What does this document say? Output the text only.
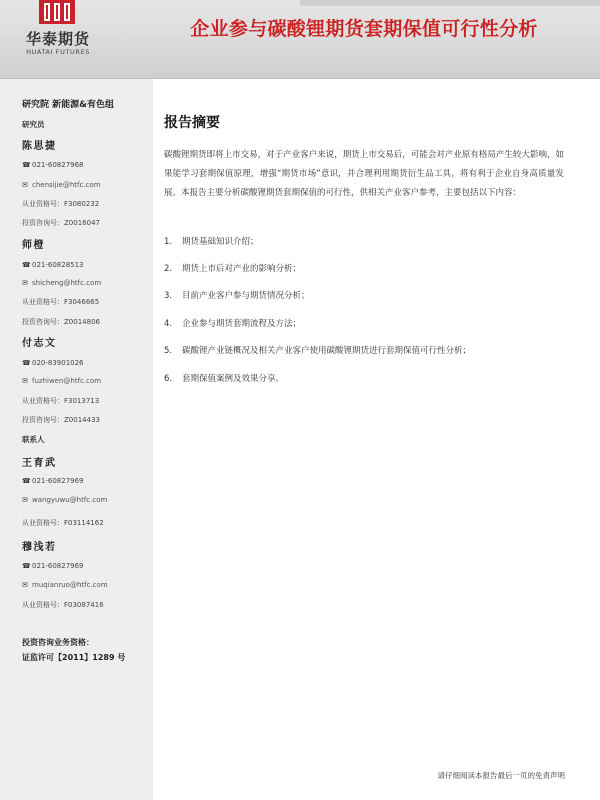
华泰期货
HUATAI FUTURES
企业参与碳酸锂期货套期保值可行性分析
研究院 新能源&有色组
研究员
陈思捷
☎021-60827968
✉ chensijie@htfc.com
从业资格号：F3080232
投资咨询号：Z0016047
师橙
☎021-60828513
✉ shicheng@htfc.com
从业资格号：F3046665
投资咨询号：Z0014806
付志文
☎020-83901026
✉ fuzhiwen@htfc.com
从业资格号：F3013713
投资咨询号：Z0014433
联系人
王育武
☎021-60827969
✉ wangyuwu@htfc.com
从业资格号：F03114162
穆浅若
☎021-60827969
✉ muqianruo@htfc.com
从业资格号：F03087416
投资咨询业务资格：
证监许可【2011】1289 号
报告摘要
碳酸锂期货即将上市交易，对于产业客户来说，期货上市交易后，可能会对产业原有格局产生较大影响，如果能学习套期保值原理，增强“期货市场”意识，并合理利用期货衍生品工具，将有利于企业自身高质量发展。本报告主要分析碳酸锂期货套期保值的可行性，供相关产业客户参考，主要包括以下内容：
1. 期货基础知识介绍；
2. 期货上市后对产业的影响分析；
3. 目前产业客户参与期货情况分析；
4. 企业参与期货套期流程及方法；
5. 碳酸锂产业链概况及相关产业客户使用碳酸锂期货进行套期保值可行性分析；
6. 套期保值案例及效果分享。
请仔细阅读本报告最后一页的免责声明
